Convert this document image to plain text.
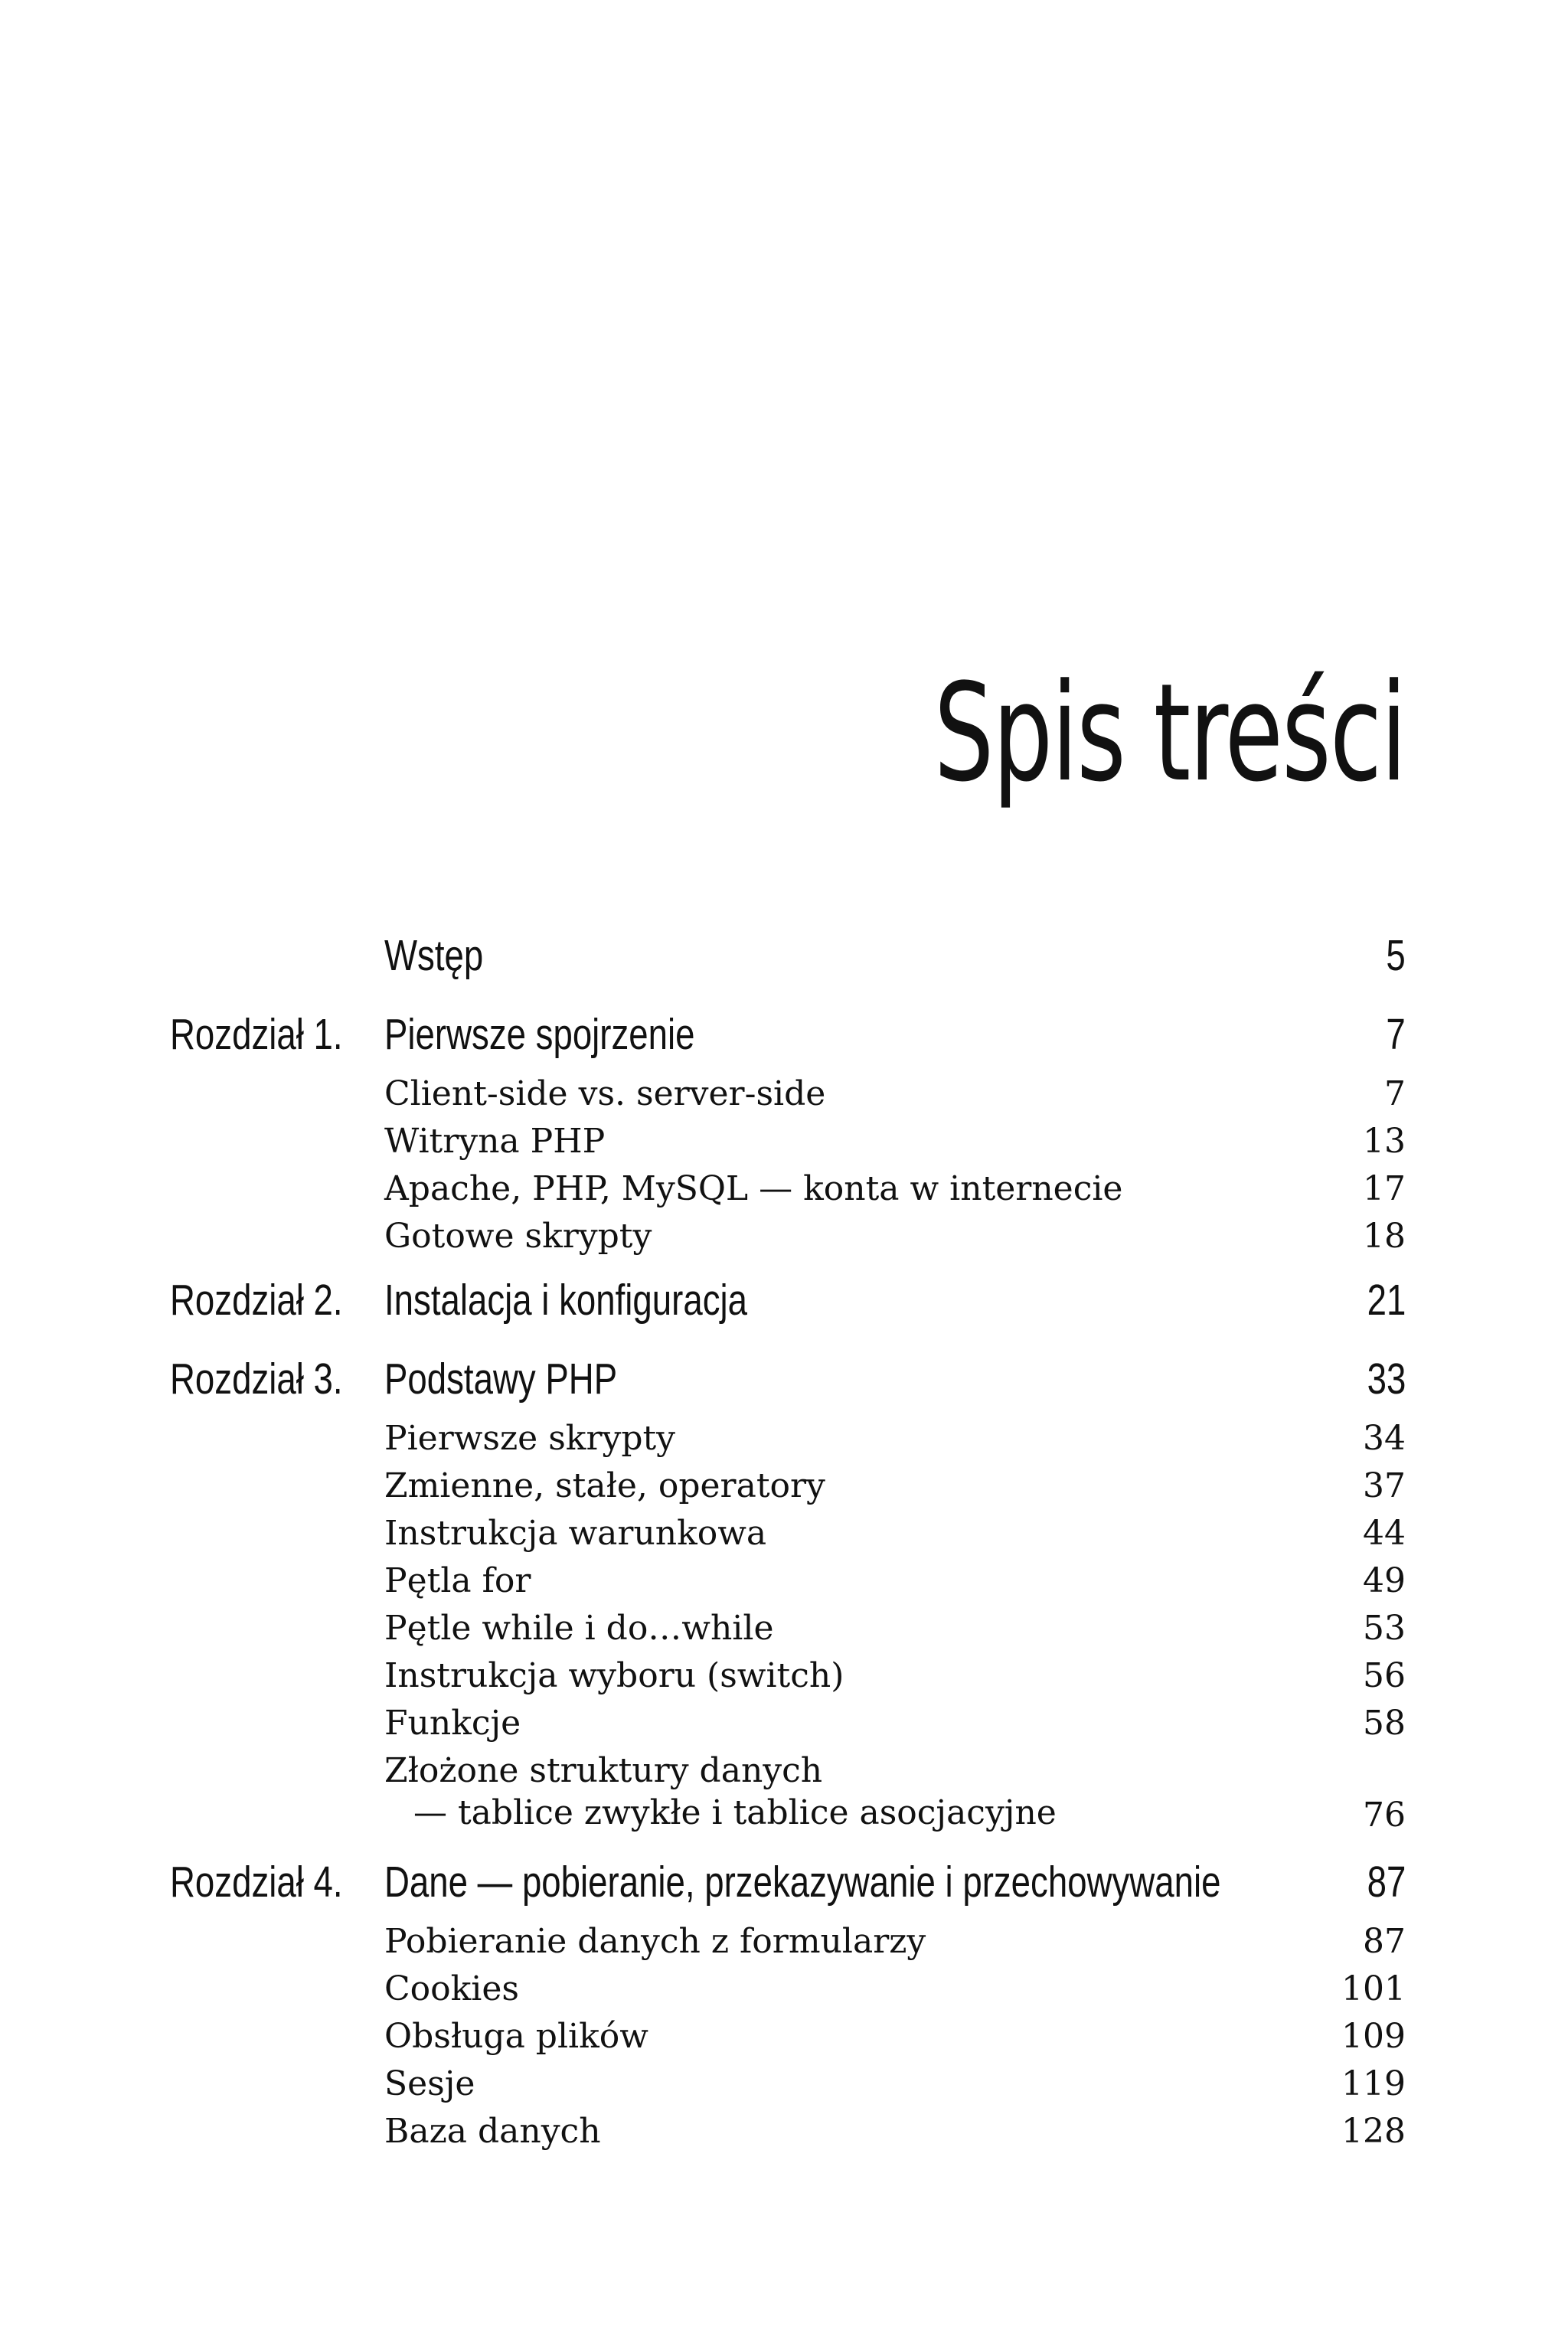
Spis treści
Wstęp	5
Rozdział 1. Pierwsze spojrzenie	7
Client-side vs. server-side	7
Witryna PHP	13
Apache, PHP, MySQL — konta w internecie	17
Gotowe skrypty	18
Rozdział 2. Instalacja i konfiguracja	21
Rozdział 3. Podstawy PHP	33
Pierwsze skrypty	34
Zmienne, stałe, operatory	37
Instrukcja warunkowa	44
Pętla for	49
Pętle while i do…while	53
Instrukcja wyboru (switch)	56
Funkcje	58
Złożone struktury danych
— tablice zwykłe i tablice asocjacyjne	76
Rozdział 4. Dane — pobieranie, przekazywanie i przechowywanie	87
Pobieranie danych z formularzy	87
Cookies	101
Obsługa plików	109
Sesje	119
Baza danych	128
